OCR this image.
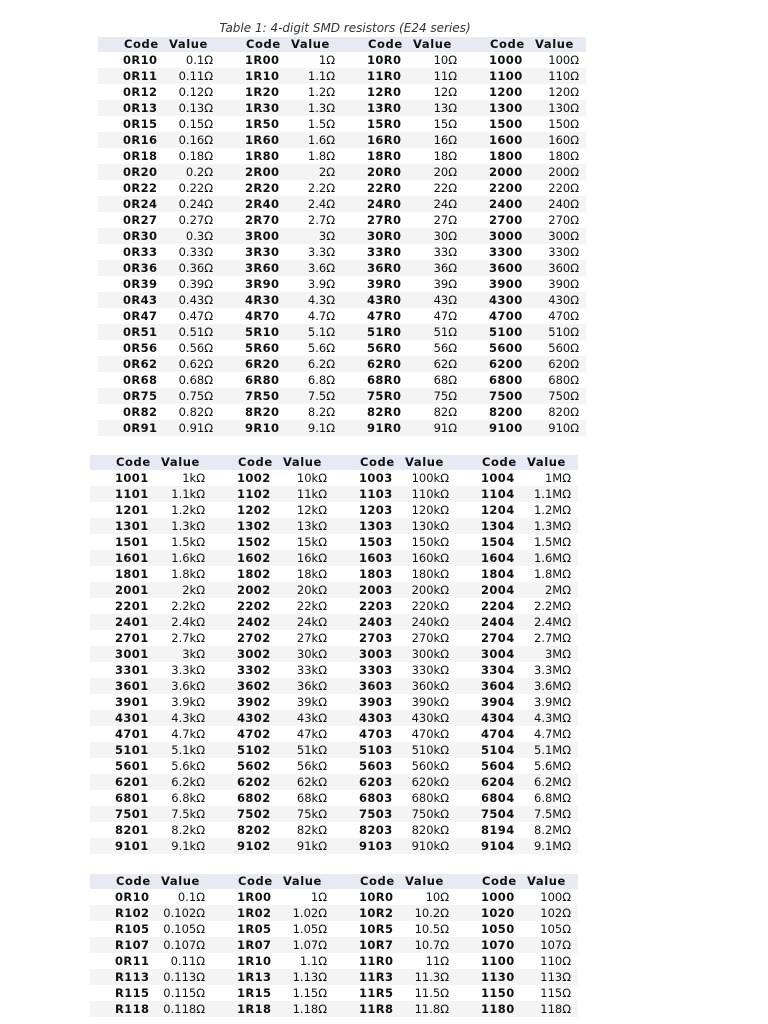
Table 1: 4-digit SMD resistors (E24 series)
Code Value	Code Value	Code Value	Code Value
0R10	0.1Ω	1R00	1Ω	10R0	10Ω	1000	100Ω
0R11	0.11Ω	1R10	1.1Ω	11R0	11Ω	1100	110Ω
0R12	0.12Ω	1R20	1.2Ω	12R0	12Ω	1200	120Ω
0R13	0.13Ω	1R30	1.3Ω	13R0	13Ω	1300	130Ω
0R15	0.15Ω	1R50	1.5Ω	15R0	15Ω	1500	150Ω
0R16	0.16Ω	1R60	1.6Ω	16R0	16Ω	1600	160Ω
0R18	0.18Ω	1R80	1.8Ω	18R0	18Ω	1800	180Ω
0R20	0.2Ω	2R00	2Ω	20R0	20Ω	2000	200Ω
0R22	0.22Ω	2R20	2.2Ω	22R0	22Ω	2200	220Ω
0R24	0.24Ω	2R40	2.4Ω	24R0	24Ω	2400	240Ω
0R27	0.27Ω	2R70	2.7Ω	27R0	27Ω	2700	270Ω
0R30	0.3Ω	3R00	3Ω	30R0	30Ω	3000	300Ω
0R33	0.33Ω	3R30	3.3Ω	33R0	33Ω	3300	330Ω
0R36	0.36Ω	3R60	3.6Ω	36R0	36Ω	3600	360Ω
0R39	0.39Ω	3R90	3.9Ω	39R0	39Ω	3900	390Ω
0R43	0.43Ω	4R30	4.3Ω	43R0	43Ω	4300	430Ω
0R47	0.47Ω	4R70	4.7Ω	47R0	47Ω	4700	470Ω
0R51	0.51Ω	5R10	5.1Ω	51R0	51Ω	5100	510Ω
0R56	0.56Ω	5R60	5.6Ω	56R0	56Ω	5600	560Ω
0R62	0.62Ω	6R20	6.2Ω	62R0	62Ω	6200	620Ω
0R68	0.68Ω	6R80	6.8Ω	68R0	68Ω	6800	680Ω
0R75	0.75Ω	7R50	7.5Ω	75R0	75Ω	7500	750Ω
0R82	0.82Ω	8R20	8.2Ω	82R0	82Ω	8200	820Ω
0R91	0.91Ω	9R10	9.1Ω	91R0	91Ω	9100	910Ω
Code Value	Code Value	Code Value	Code Value
1001	1kΩ	1002	10kΩ	1003	100kΩ	1004	1MΩ
1101	1.1kΩ	1102	11kΩ	1103	110kΩ	1104	1.1MΩ
1201	1.2kΩ	1202	12kΩ	1203	120kΩ	1204	1.2MΩ
1301	1.3kΩ	1302	13kΩ	1303	130kΩ	1304	1.3MΩ
1501	1.5kΩ	1502	15kΩ	1503	150kΩ	1504	1.5MΩ
1601	1.6kΩ	1602	16kΩ	1603	160kΩ	1604	1.6MΩ
1801	1.8kΩ	1802	18kΩ	1803	180kΩ	1804	1.8MΩ
2001	2kΩ	2002	20kΩ	2003	200kΩ	2004	2MΩ
2201	2.2kΩ	2202	22kΩ	2203	220kΩ	2204	2.2MΩ
2401	2.4kΩ	2402	24kΩ	2403	240kΩ	2404	2.4MΩ
2701	2.7kΩ	2702	27kΩ	2703	270kΩ	2704	2.7MΩ
3001	3kΩ	3002	30kΩ	3003	300kΩ	3004	3MΩ
3301	3.3kΩ	3302	33kΩ	3303	330kΩ	3304	3.3MΩ
3601	3.6kΩ	3602	36kΩ	3603	360kΩ	3604	3.6MΩ
3901	3.9kΩ	3902	39kΩ	3903	390kΩ	3904	3.9MΩ
4301	4.3kΩ	4302	43kΩ	4303	430kΩ	4304	4.3MΩ
4701	4.7kΩ	4702	47kΩ	4703	470kΩ	4704	4.7MΩ
5101	5.1kΩ	5102	51kΩ	5103	510kΩ	5104	5.1MΩ
5601	5.6kΩ	5602	56kΩ	5603	560kΩ	5604	5.6MΩ
6201	6.2kΩ	6202	62kΩ	6203	620kΩ	6204	6.2MΩ
6801	6.8kΩ	6802	68kΩ	6803	680kΩ	6804	6.8MΩ
7501	7.5kΩ	7502	75kΩ	7503	750kΩ	7504	7.5MΩ
8201	8.2kΩ	8202	82kΩ	8203	820kΩ	8194	8.2MΩ
9101	9.1kΩ	9102	91kΩ	9103	910kΩ	9104	9.1MΩ
Code Value	Code Value	Code Value	Code Value
0R10	0.1Ω	1R00	1Ω	10R0	10Ω	1000	100Ω
R102	0.102Ω	1R02	1.02Ω	10R2	10.2Ω	1020	102Ω
R105	0.105Ω	1R05	1.05Ω	10R5	10.5Ω	1050	105Ω
R107	0.107Ω	1R07	1.07Ω	10R7	10.7Ω	1070	107Ω
0R11	0.11Ω	1R10	1.1Ω	11R0	11Ω	1100	110Ω
R113	0.113Ω	1R13	1.13Ω	11R3	11.3Ω	1130	113Ω
R115	0.115Ω	1R15	1.15Ω	11R5	11.5Ω	1150	115Ω
R118	0.118Ω	1R18	1.18Ω	11R8	11.8Ω	1180	118Ω
